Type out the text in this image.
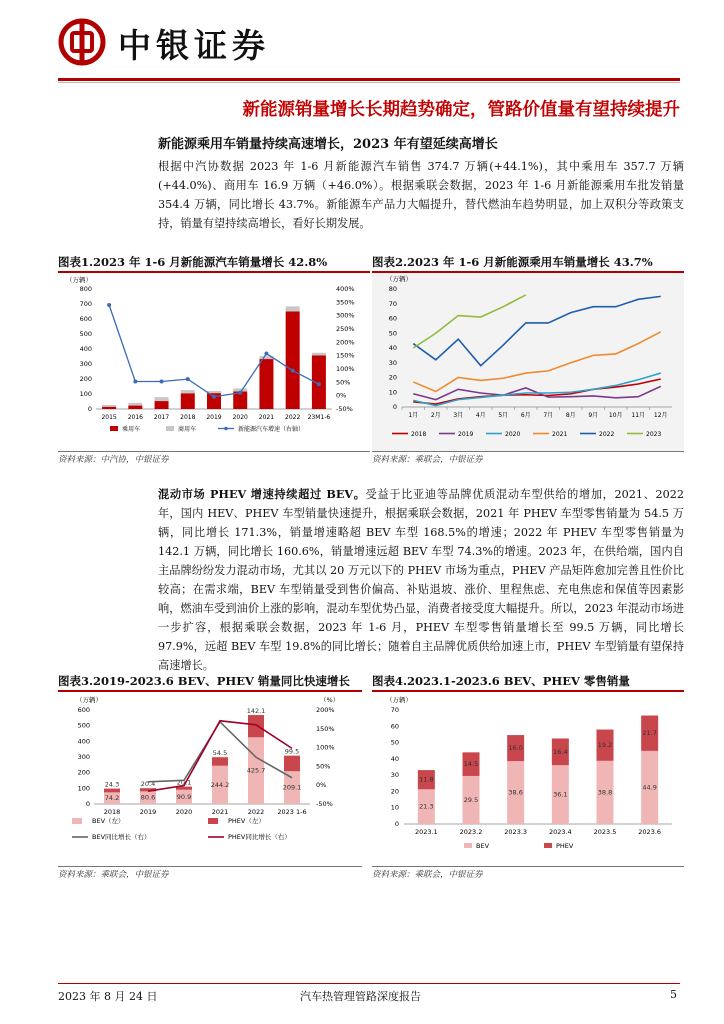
中银证券
新能源销量增长长期趋势确定，管路价值量有望持续提升
新能源乘用车销量持续高速增长，2023 年有望延续高增长
根据中汽协数据 2023 年 1-6 月新能源汽车销售 374.7 万辆(+44.1%)，其中乘用车 357.7 万辆(+44.0%)、商用车 16.9 万辆（+46.0%）。根据乘联会数据，2023 年 1-6 月新能源乘用车批发销量 354.4 万辆，同比增长 43.7%。新能源车产品力大幅提升，替代燃油车趋势明显，加上双积分等政策支持，销量有望持续高增长，看好长期发展。
图表1.2023 年 1-6 月新能源汽车销量增长 42.8%
（万辆）
0
100
200
300
400
500
600
700
800
-50%
0%
50%
100%
150%
200%
250%
300%
350%
400%
2015 2016 2017 2018 2019 2020 2021 2022 23M1-6
乘用车	商用车	新能源汽车增速（右轴）
资料来源：中汽协，中银证券
图表2.2023 年 1-6 月新能源乘用车销量增长 43.7%
（万辆）
0
10
20
30
40
50
60
70
80
1月 2月 3月 4月 5月 6月 7月 8月 9月 10月 11月 12月
2018	2019	2020	2021	2022	2023
资料来源：乘联会，中银证券
混动市场 PHEV 增速持续超过 BEV。受益于比亚迪等品牌优质混动车型供给的增加，2021、2022 年，国内 HEV、PHEV 车型销量快速提升，根据乘联会数据，2021 年 PHEV 车型零售销量为 54.5 万辆，同比增长 171.3%，销量增速略超 BEV 车型 168.5%的增速；2022 年 PHEV 车型零售销量为 142.1 万辆，同比增长 160.6%，销量增速远超 BEV 车型 74.3%的增速。2023 年，在供给端，国内自主品牌纷纷发力混动市场，尤其以 20 万元以下的 PHEV 市场为重点，PHEV 产品矩阵愈加完善且性价比较高；在需求端，BEV 车型销量受到售价偏高、补贴退坡、涨价、里程焦虑、充电焦虑和保值等因素影响，燃油车受到油价上涨的影响，混动车型优势凸显，消费者接受度大幅提升。所以，2023 年混动市场进一步扩容，根据乘联会数据，2023 年 1-6 月，PHEV 车型零售销量增长至 99.5 万辆，同比增长 97.9%，远超 BEV 车型 19.8%的同比增长；随着自主品牌优质供给加速上市，PHEV 车型销量有望保持高速增长。
图表3.2019-2023.6 BEV、PHEV 销量同比快速增长
（万辆）	（%）
0
100
200
300
400
500
600
-50%
0%
50%
100%
150%
200%
74.2
24.3
2018
80.6
20.4
2019
90.9
20.1
2020
244.2
54.5
2021
425.7
142.1
2022
209.1
99.5
2023 1-6
BEV（左）	PHEV（左）
BEV同比增长（右）	PHEV同比增长（右）
资料来源：乘联会，中银证券
图表4.2023.1-2023.6 BEV、PHEV 零售销量
（万辆）
0
10
20
30
40
50
60
70
21.3
11.8
2023.1
29.5
14.5
2023.2
38.6
16.0
2023.3
36.1
16.4
2023.4
38.8
19.2
2023.5
44.9
21.7
2023.6
BEV	PHEV
资料来源：乘联会，中银证券
2023 年 8 月 24 日	汽车热管理管路深度报告	5
